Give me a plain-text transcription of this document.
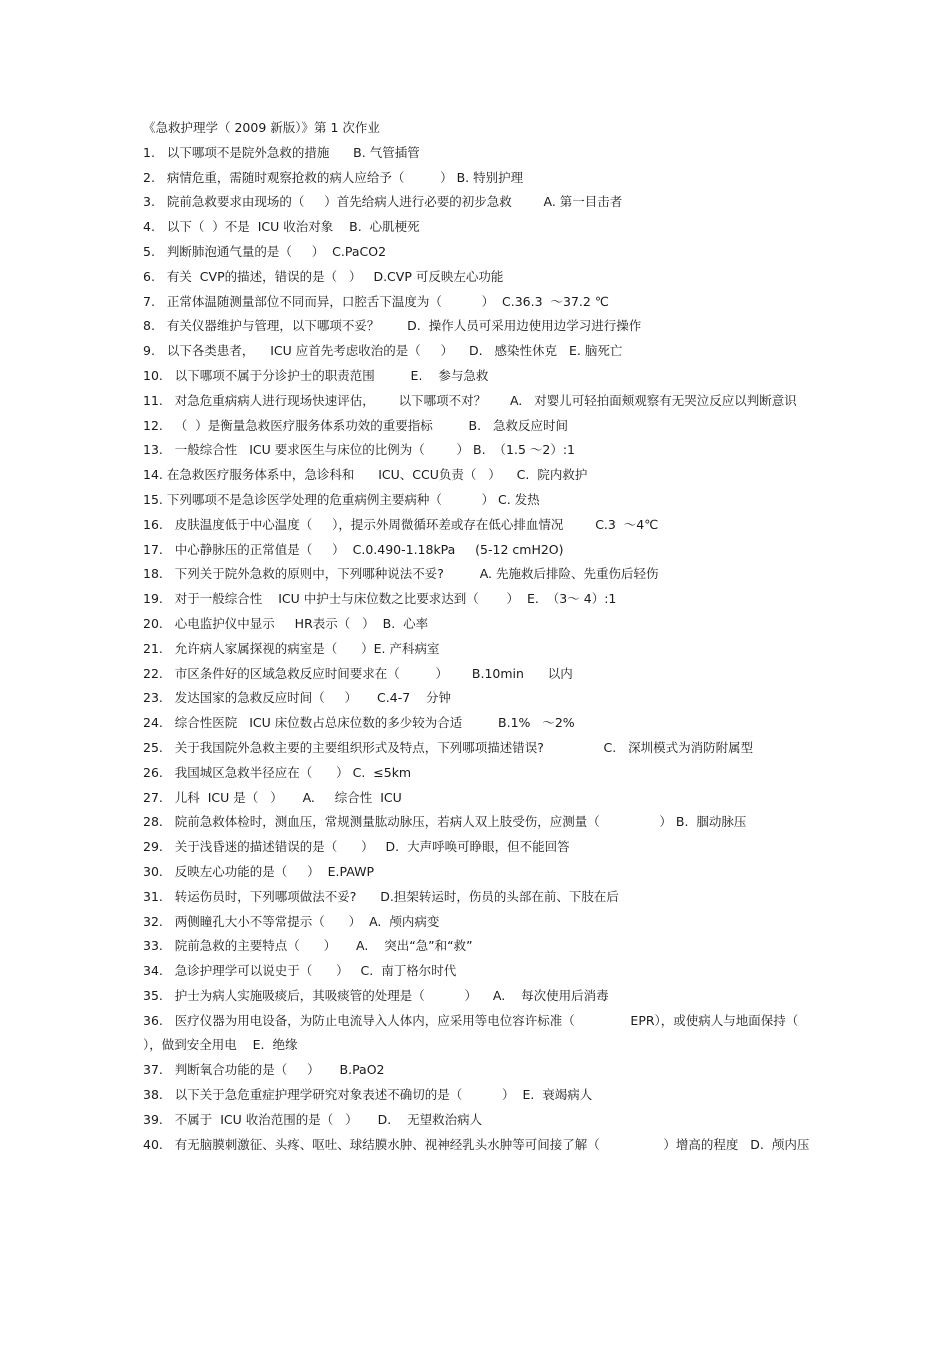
《急救护理学（ 2009 新版）》第 1 次作业
1.   以下哪项不是院外急救的措施      B. 气管插管
2.   病情危重，需随时观察抢救的病人应给予（         ） B. 特别护理
3.   院前急救要求由现场的（     ）首先给病人进行必要的初步急救        A. 第一目击者
4.   以下（  ）不是  ICU 收治对象    B.  心肌梗死
5.   判断肺泡通气量的是（     ）  C.PaCO2
6.   有关  CVP的描述，错误的是（   ）   D.CVP 可反映左心功能
7.   正常体温随测量部位不同而异，口腔舌下温度为（          ）  C.36.3  ～37.2 ℃
8.   有关仪器维护与管理，以下哪项不妥？       D.  操作人员可采用边使用边学习进行操作
9.   以下各类患者，    ICU 应首先考虑收治的是（     ）    D.   感染性休克   E. 脑死亡
10.   以下哪项不属于分诊护士的职责范围         E.    参与急救
11.   对急危重病病人进行现场快速评估，      以下哪项不对？      A.   对婴儿可轻拍面颊观察有无哭泣反应以判断意识
12.   （  ）是衡量急救医疗服务体系功效的重要指标         B.   急救反应时间
13.   一般综合性   ICU 要求医生与床位的比例为（        ） B.  （1.5 ～2）:1
14. 在急救医疗服务体系中，急诊科和      ICU、CCU负责（   ）    C.  院内救护
15. 下列哪项不是急诊医学处理的危重病例主要病种（          ） C. 发热
16.   皮肤温度低于中心温度（     ），提示外周微循环差或存在低心排血情况        C.3  ～4℃
17.   中心静脉压的正常值是（     ）  C.0.490-1.18kPa     (5-12 cmH2O)
18.   下列关于院外急救的原则中，下列哪种说法不妥?         A. 先施救后排险、先重伤后轻伤
19.   对于一般综合性    ICU 中护士与床位数之比要求达到（       ）  E.  （3～ 4）:1
20.   心电监护仪中显示     HR表示（   ）  B.  心率
21.   允许病人家属探视的病室是（      ）E. 产科病室
22.   市区条件好的区域急救反应时间要求在（         ）      B.10min      以内
23.   发达国家的急救反应时间（     ）     C.4-7    分钟
24.   综合性医院   ICU 床位数占总床位数的多少较为合适         B.1%   ～2%
25.   关于我国院外急救主要的主要组织形式及特点，下列哪项描述错误?               C.   深圳模式为消防附属型
26.   我国城区急救半径应在（      ） C.  ≤5km
27.   儿科  ICU 是（   ）     A.     综合性  ICU
28.   院前急救体检时，测血压，常规测量肱动脉压，若病人双上肢受伤，应测量（               ） B.  腘动脉压
29.   关于浅昏迷的描述错误的是（      ）   D.  大声呼唤可睁眼，但不能回答
30.   反映左心功能的是（     ）  E.PAWP
31.   转运伤员时，下列哪项做法不妥?      D.担架转运时，伤员的头部在前、下肢在后
32.   两侧瞳孔大小不等常提示（      ）  A.  颅内病变
33.   院前急救的主要特点（      ）     A.    突出“急”和“救”
34.   急诊护理学可以说史于（      ）   C.  南丁格尔时代
35.   护士为病人实施吸痰后，其吸痰管的处理是（          ）    A.    每次使用后消毒
36.   医疗仪器为用电设备，为防止电流导入人体内，应采用等电位容许标准（              EPR），或使病人与地面保持（  ），做到安全用电    E.  绝缘
37.   判断氧合功能的是（     ）     B.PaO2
38.   以下关于急危重症护理学研究对象表述不确切的是（          ）  E.  衰竭病人
39.   不属于  ICU 收治范围的是（   ）     D.    无望救治病人
40.   有无脑膜刺激征、头疼、呕吐、球结膜水肿、视神经乳头水肿等可间接了解（                ）增高的程度   D.  颅内压
